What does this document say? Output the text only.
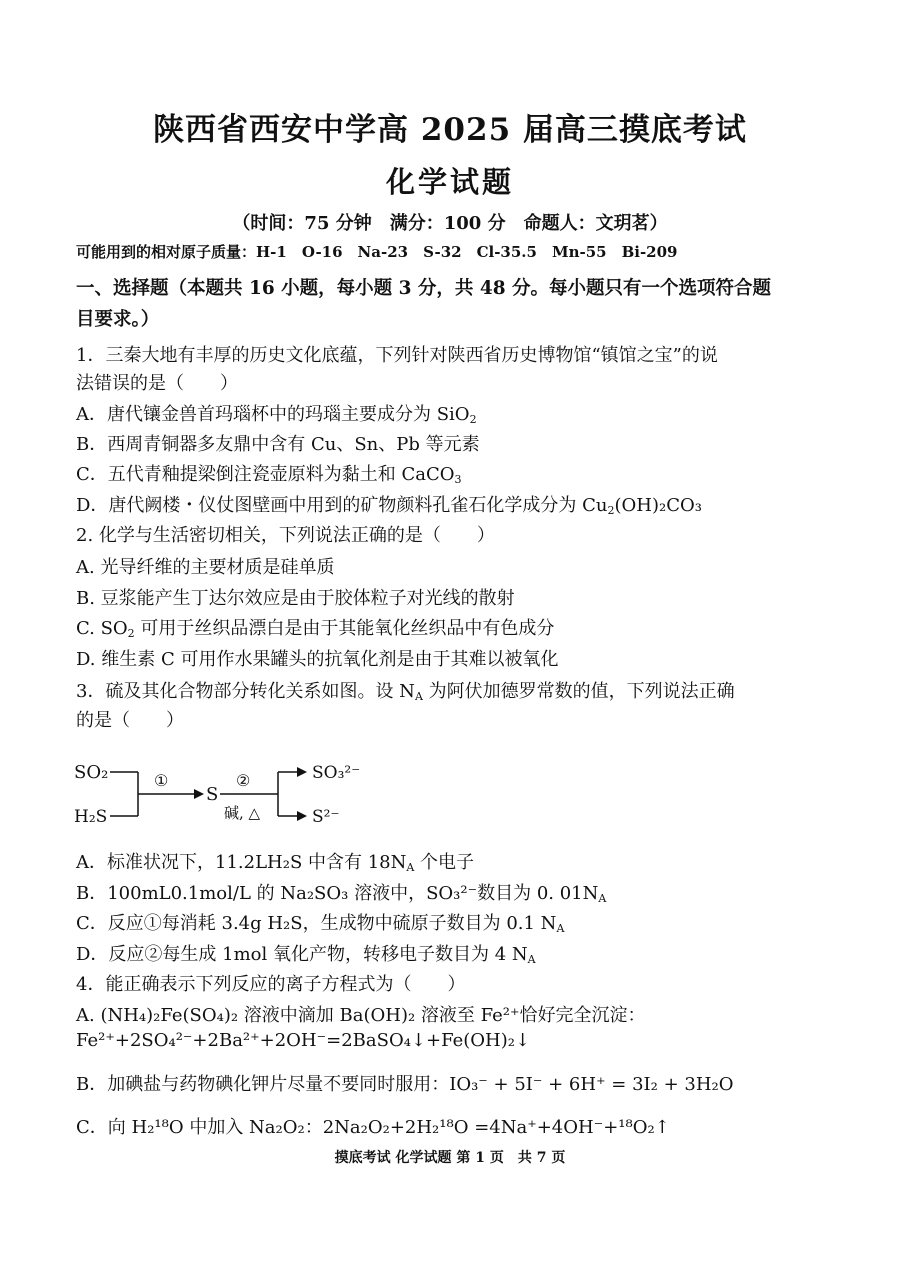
陕西省西安中学高 2025 届高三摸底考试
化学试题
（时间：75 分钟　满分：100 分　命题人：文玥茗）
可能用到的相对原子质量：H-1　O-16　Na-23　S-32　Cl-35.5　Mn-55　Bi-209
一、选择题（本题共 16 小题，每小题 3 分，共 48 分。每小题只有一个选项符合题
目要求。）
1．三秦大地有丰厚的历史文化底蕴，下列针对陕西省历史博物馆“镇馆之宝”的说
法错误的是（　　）
A．唐代镶金兽首玛瑙杯中的玛瑙主要成分为 SiO$_2$
B．西周青铜器多友鼎中含有 Cu、Sn、Pb 等元素
C．五代青釉提梁倒注瓷壶原料为黏土和 CaCO$_3$
D．唐代阙楼・仪仗图壁画中用到的矿物颜料孔雀石化学成分为 $Cu_2(OH)_2CO_3$
2. 化学与生活密切相关，下列说法正确的是（　　）
A. 光导纤维的主要材质是硅单质
B. 豆浆能产生丁达尔效应是由于胶体粒子对光线的散射
C. $SO_2$ 可用于丝织品漂白是由于其能氧化丝织品中有色成分
D. 维生素 C 可用作水果罐头的抗氧化剂是由于其难以被氧化
3．硫及其化合物部分转化关系如图。设 $N_A$ 为阿伏加德罗常数的值，下列说法正确
的是（　　）
SO₂
H₂S
①
S
②
碱, △
SO₃²⁻
S²⁻
A．标准状况下，11.2LH₂S 中含有 $18N_A$ 个电子
B．100mL0.1mol/L 的 Na₂SO₃ 溶液中，SO₃²⁻数目为 0. $01N_A$
C．反应①每消耗 3.4g H₂S，生成物中硫原子数目为 0.1 $N_A$
D．反应②每生成 1mol 氧化产物，转移电子数目为 4 $N_A$
4．能正确表示下列反应的离子方程式为（　　）
A. (NH₄)₂Fe(SO₄)₂ 溶液中滴加 Ba(OH)₂ 溶液至 Fe²⁺恰好完全沉淀：
Fe²⁺+2SO₄²⁻+2Ba²⁺+2OH⁻=2BaSO₄↓+Fe(OH)₂↓
B．加碘盐与药物碘化钾片尽量不要同时服用：IO₃⁻ + 5I⁻ + 6H⁺ = 3I₂ + 3H₂O
C．向 H₂¹⁸O 中加入 Na₂O₂：2Na₂O₂+2H₂¹⁸O =4Na⁺+4OH⁻+¹⁸O₂↑
摸底考试 化学试题 第 1 页　共 7 页
